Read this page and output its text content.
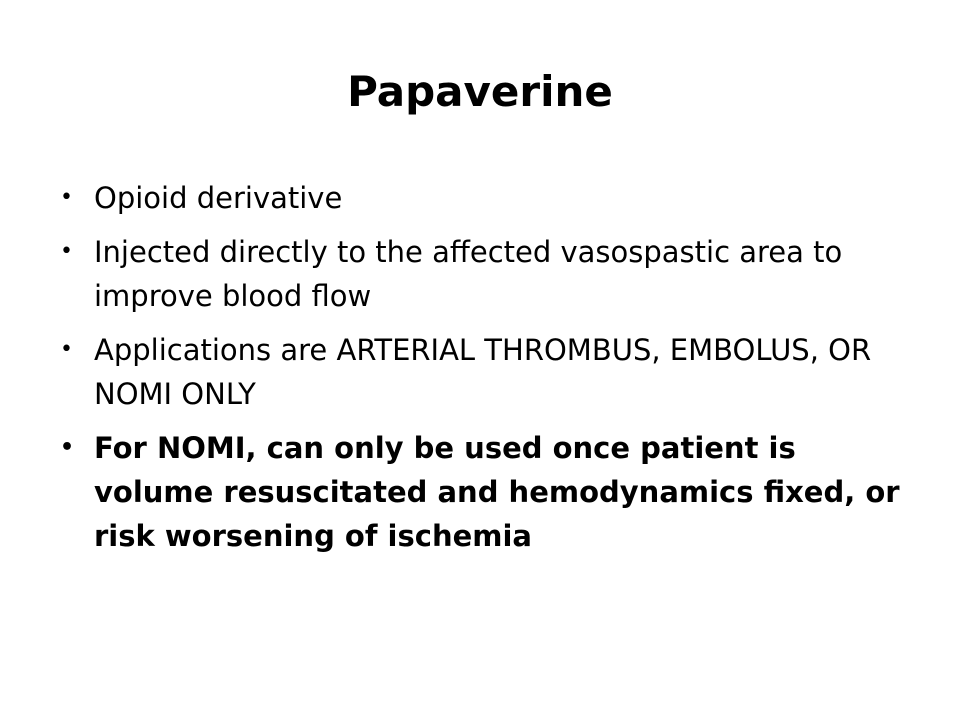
Papaverine
• Opioid derivative
• Injected directly to the affected vasospastic area to improve blood flow
• Applications are ARTERIAL THROMBUS, EMBOLUS, OR NOMI ONLY
• For NOMI, can only be used once patient is volume resuscitated and hemodynamics fixed, or risk worsening of ischemia
